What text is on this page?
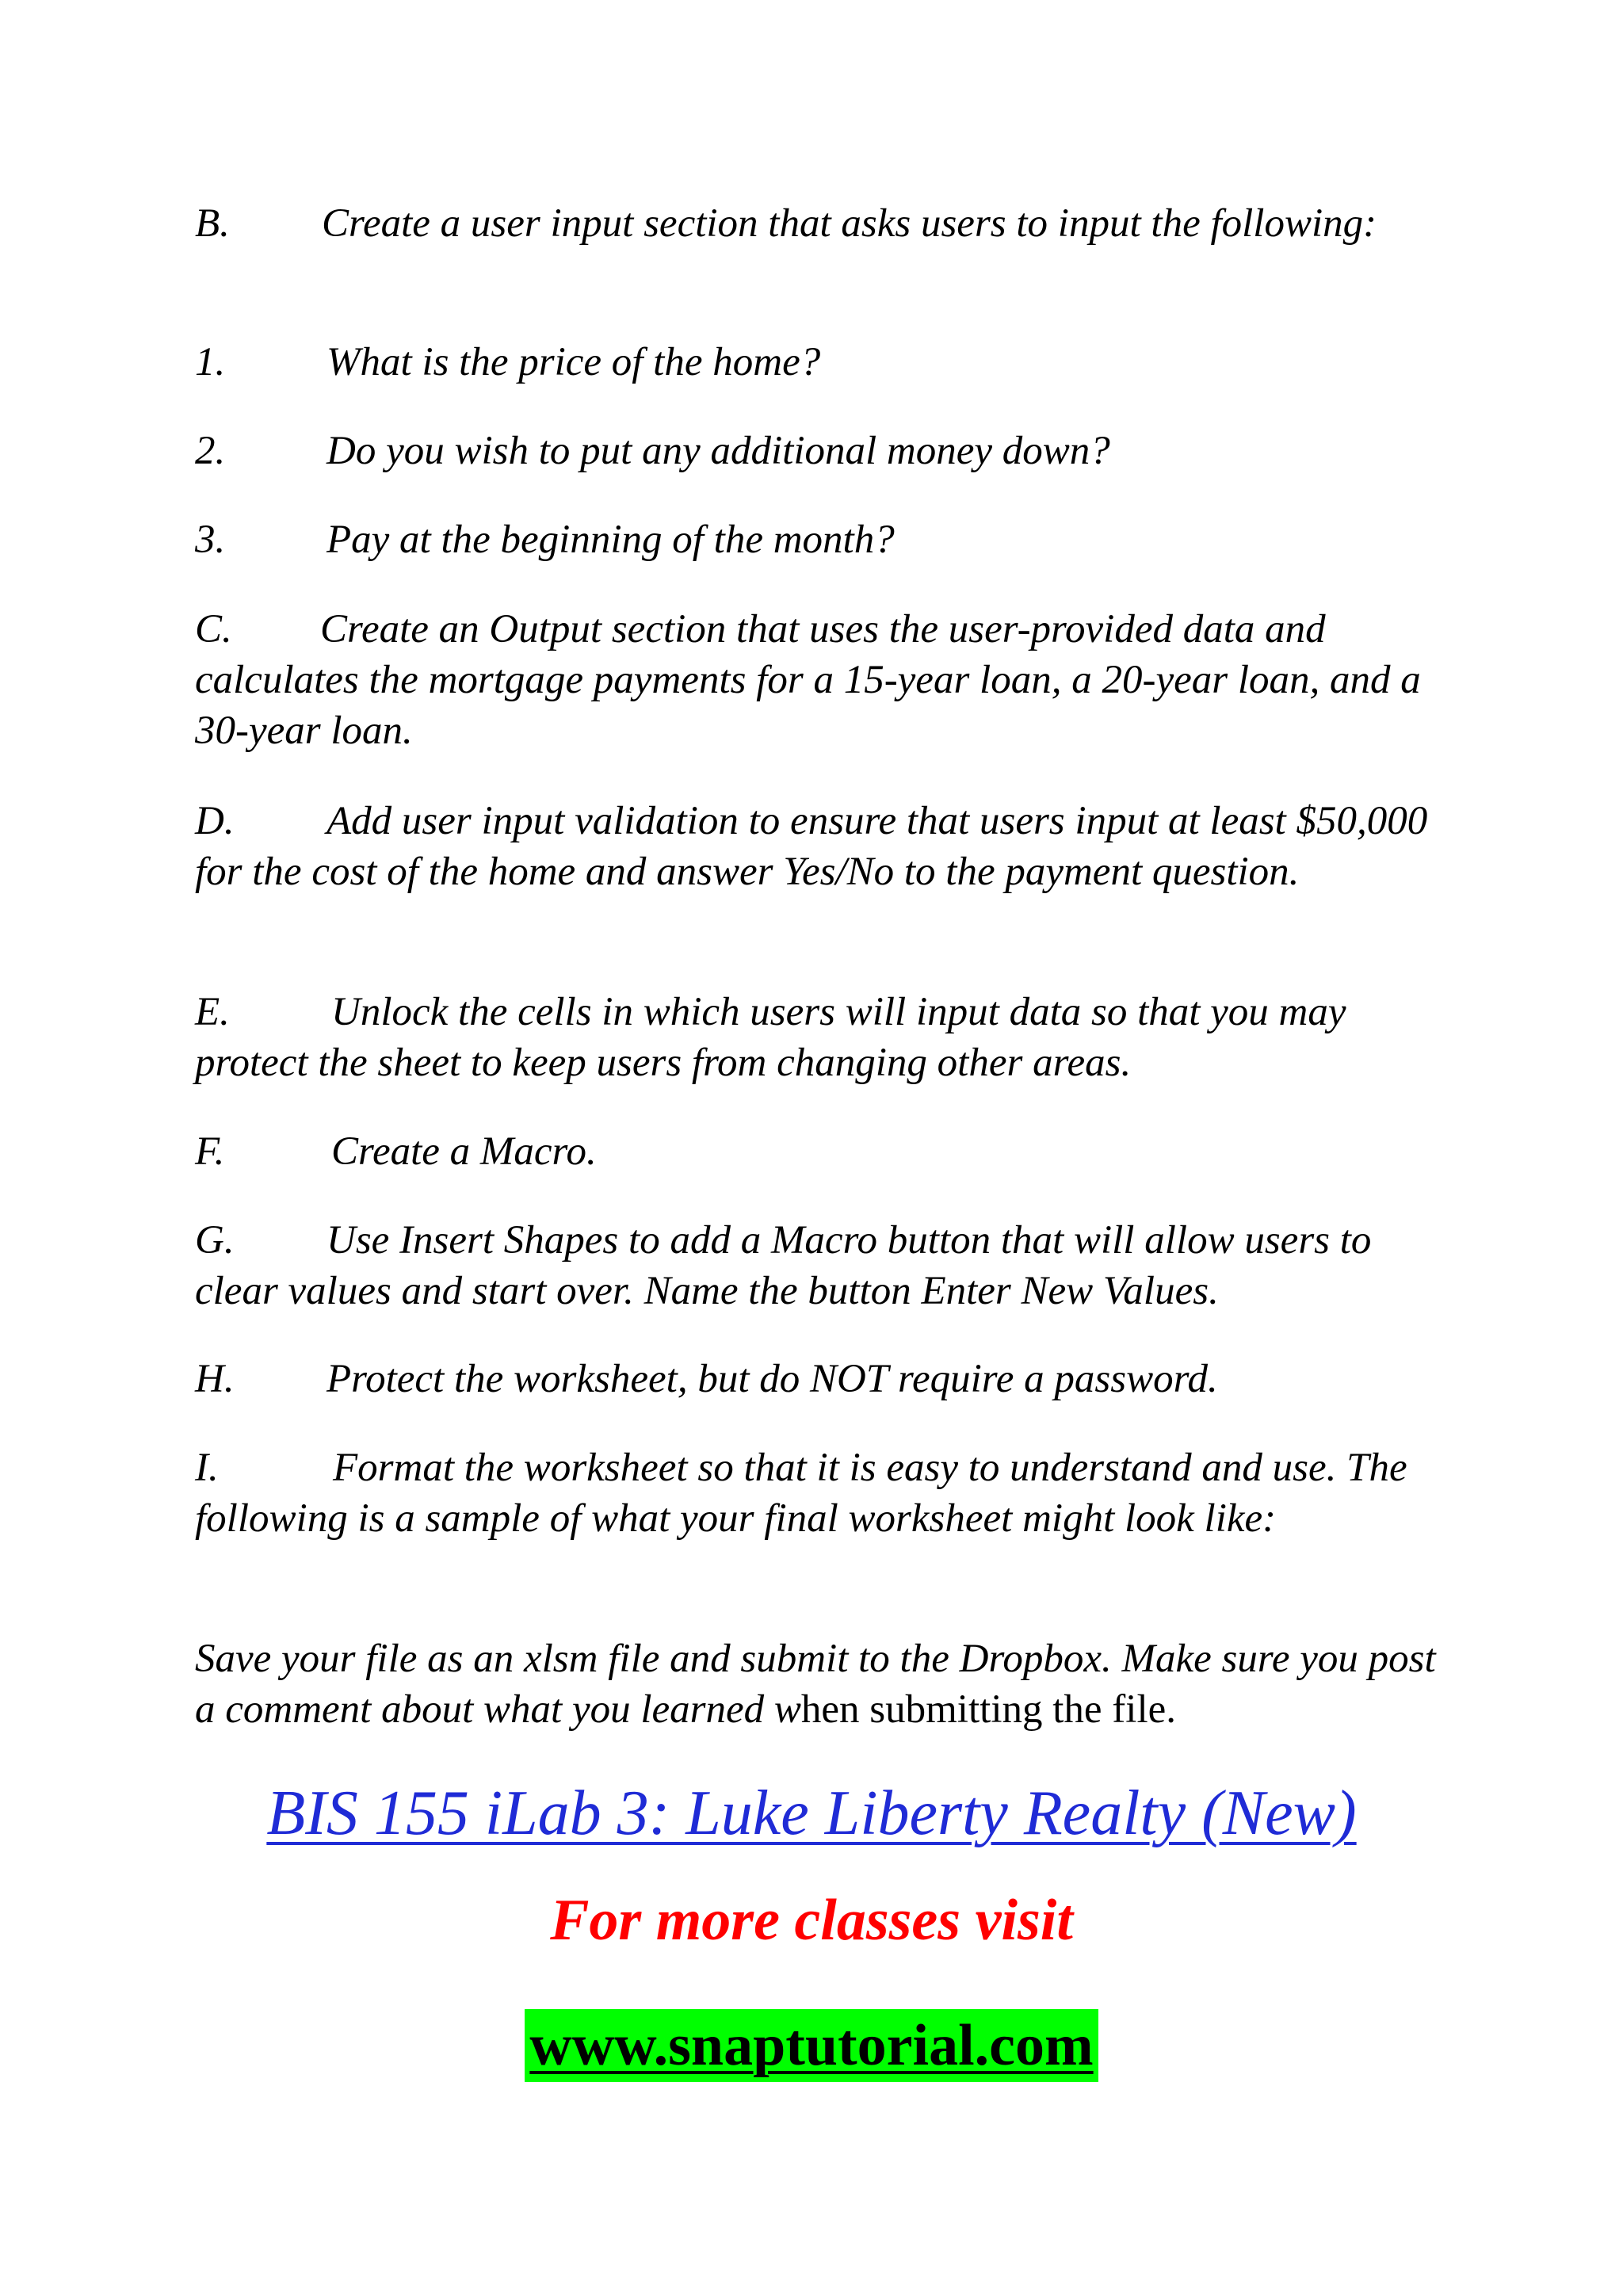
B. Create a user input section that asks users to input the following:

1.	What is the price of the home?

2.	Do you wish to put any additional money down?

3.	Pay at the beginning of the month?

C. Create an Output section that uses the user-provided data and calculates the mortgage payments for a 15-year loan, a 20-year loan, and a 30-year loan.

D. Add user input validation to ensure that users input at least $50,000 for the cost of the home and answer Yes/No to the payment question.

E.	Unlock the cells in which users will input data so that you may protect the sheet to keep users from changing other areas.

F.	Create a Macro.

G. Use Insert Shapes to add a Macro button that will allow users to clear values and start over. Name the button Enter New Values.

H. Protect the worksheet, but do NOT require a password.

I.	Format the worksheet so that it is easy to understand and use. The following is a sample of what your final worksheet might look like:

Save your file as an xlsm file and submit to the Dropbox. Make sure you post a comment about what you learned when submitting the file.

BIS 155 iLab 3: Luke Liberty Realty (New)

For more classes visit

www.snaptutorial.com
